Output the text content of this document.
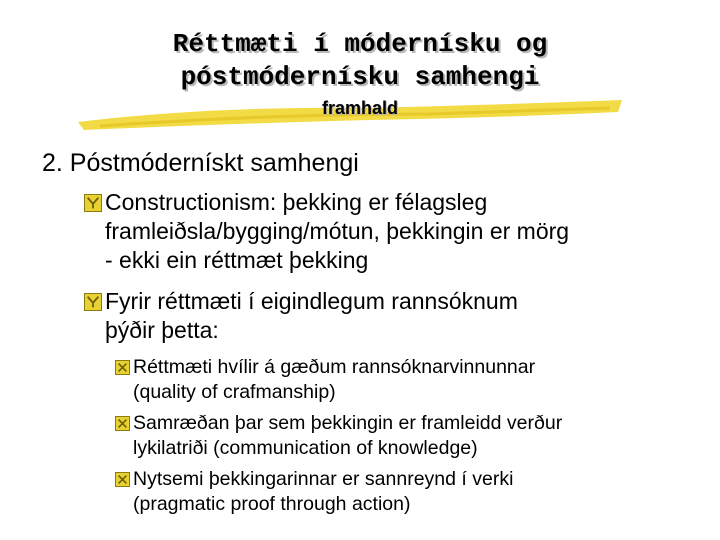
Réttmæti í módernísku og
póstmódernísku samhengi
framhald
2. Póstmódernískt samhengi
Constructionism: þekking er félagsleg
framleiðsla/bygging/mótun, þekkingin er mörg
- ekki ein réttmæt þekking
Fyrir réttmæti í eigindlegum rannsóknum
þýðir þetta:
Réttmæti hvílir á gæðum rannsóknarvinnunnar
(quality of crafmanship)
Samræðan þar sem þekkingin er framleidd verður
lykilatriði (communication of knowledge)
Nytsemi þekkingarinnar er sannreynd í verki
(pragmatic proof through action)
